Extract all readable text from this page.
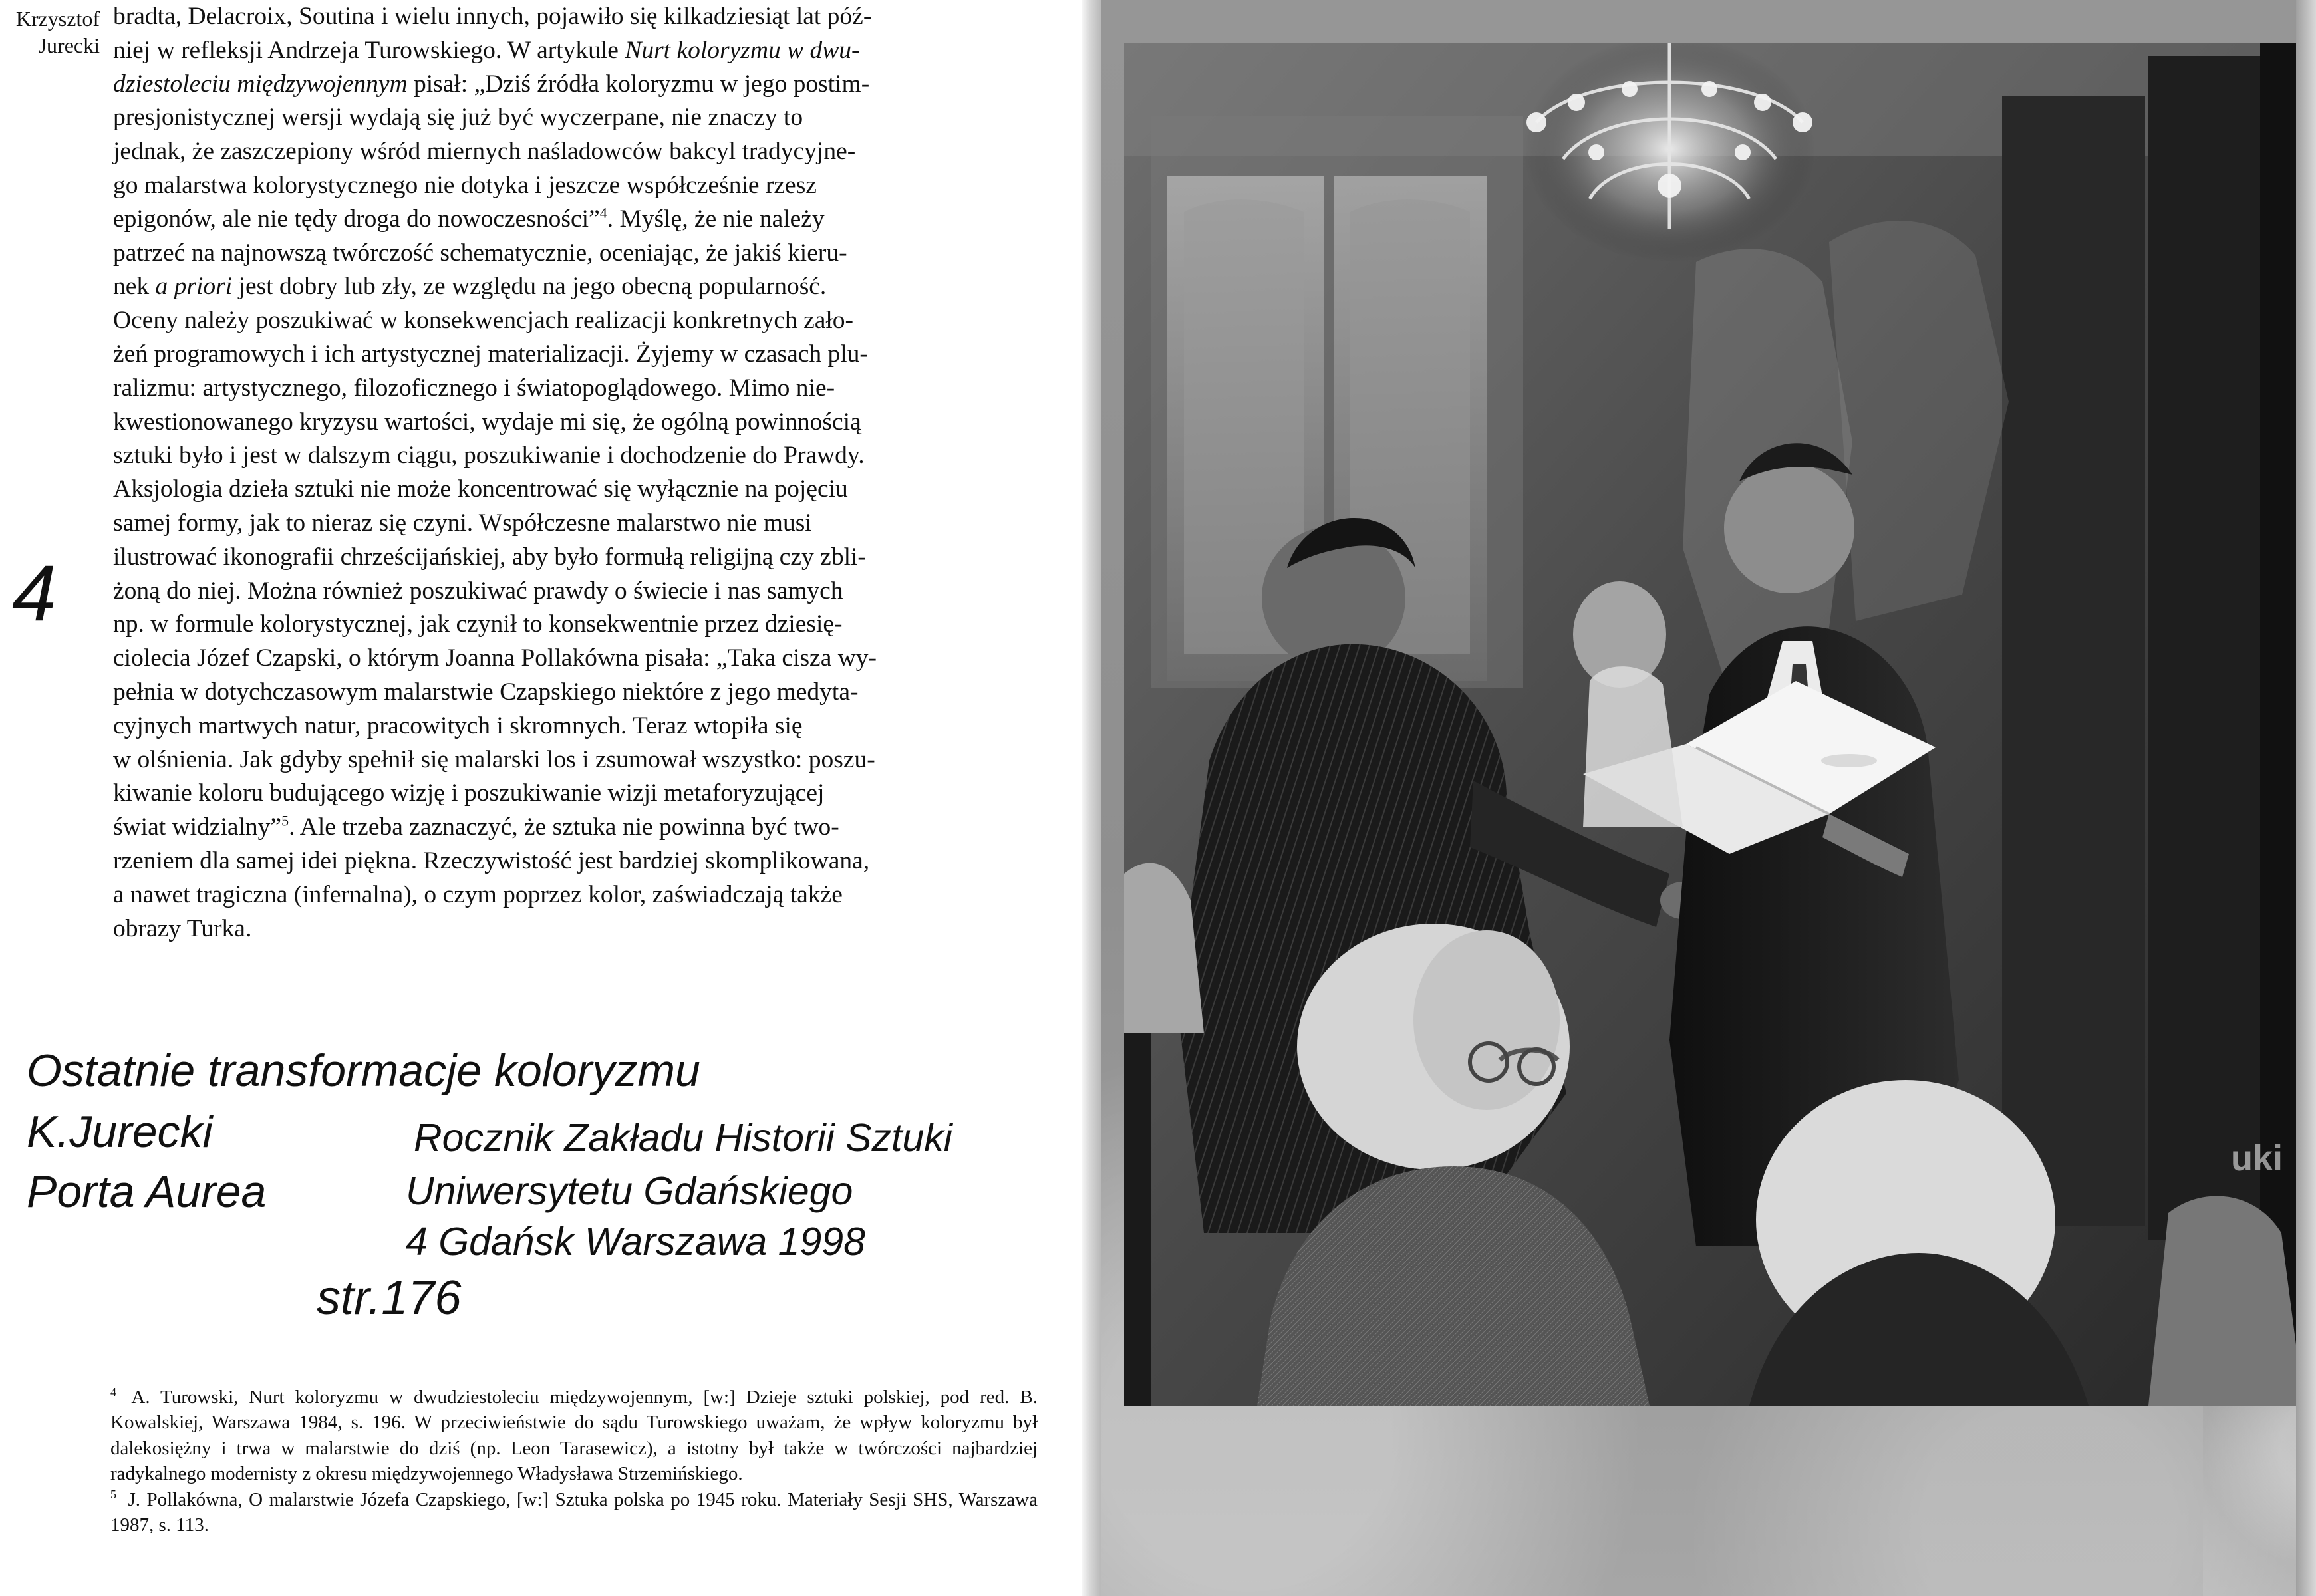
Krzysztof
Jurecki
4
bradta, Delacroix, Soutina i wielu innych, pojawiło się kilkadziesiąt lat póź-
niej w refleksji Andrzeja Turowskiego. W artykule Nurt koloryzmu w dwu-
dziestoleciu międzywojennym pisał: „Dziś źródła koloryzmu w jego postim-
presjonistycznej wersji wydają się już być wyczerpane, nie znaczy to
jednak, że zaszczepiony wśród miernych naśladowców bakcyl tradycyjne-
go malarstwa kolorystycznego nie dotyka i jeszcze współcześnie rzesz
epigonów, ale nie tędy droga do nowoczesności”$^4$. Myślę, że nie należy
patrzeć na najnowszą twórczość schematycznie, oceniając, że jakiś kieru-
nek a priori jest dobry lub zły, ze względu na jego obecną popularność.
Oceny należy poszukiwać w konsekwencjach realizacji konkretnych zało-
żeń programowych i ich artystycznej materializacji. Żyjemy w czasach plu-
ralizmu: artystycznego, filozoficznego i światopoglądowego. Mimo nie-
kwestionowanego kryzysu wartości, wydaje mi się, że ogólną powinnością
sztuki było i jest w dalszym ciągu, poszukiwanie i dochodzenie do Prawdy.
Aksjologia dzieła sztuki nie może koncentrować się wyłącznie na pojęciu
samej formy, jak to nieraz się czyni. Współczesne malarstwo nie musi
ilustrować ikonografii chrześcijańskiej, aby było formułą religijną czy zbli-
żoną do niej. Można również poszukiwać prawdy o świecie i nas samych
np. w formule kolorystycznej, jak czynił to konsekwentnie przez dziesię-
ciolecia Józef Czapski, o którym Joanna Pollakówna pisała: „Taka cisza wy-
pełnia w dotychczasowym malarstwie Czapskiego niektóre z jego medyta-
cyjnych martwych natur, pracowitych i skromnych. Teraz wtopiła się
w olśnienia. Jak gdyby spełnił się malarski los i zsumował wszystko: poszu-
kiwanie koloru budującego wizję i poszukiwanie wizji metaforyzującej
świat widzialny”$^5$. Ale trzeba zaznaczyć, że sztuka nie powinna być two-
rzeniem dla samej idei piękna. Rzeczywistość jest bardziej skomplikowana,
a nawet tragiczna (infernalna), o czym poprzez kolor, zaświadczają także
obrazy Turka.
Ostatnie transformacje koloryzmu
K.Jurecki
Porta Aurea
Rocznik Zakładu Historii Sztuki
Uniwersytetu Gdańskiego
4 Gdańsk Warszawa 1998
str.176

$^4$ A. Turowski, Nurt koloryzmu w dwudziestoleciu międzywojennym, [w:] Dzieje sztuki polskiej, pod red. B. Kowalskiej, Warszawa 1984, s. 196. W przeciwieństwie do sądu Turowskiego uważam, że wpływ koloryzmu był dalekosiężny i trwa w malarstwie do dziś (np. Leon Tarasewicz), a istotny był także w twórczości najbardziej radykalnego modernisty z okresu międzywojennego Władysława Strzemińskiego.

$^5$ J. Pollakówna, O malarstwie Józefa Czapskiego, [w:] Sztuka polska po 1945 roku. Materiały Sesji SHS, Warszawa 1987, s. 113.

uki
